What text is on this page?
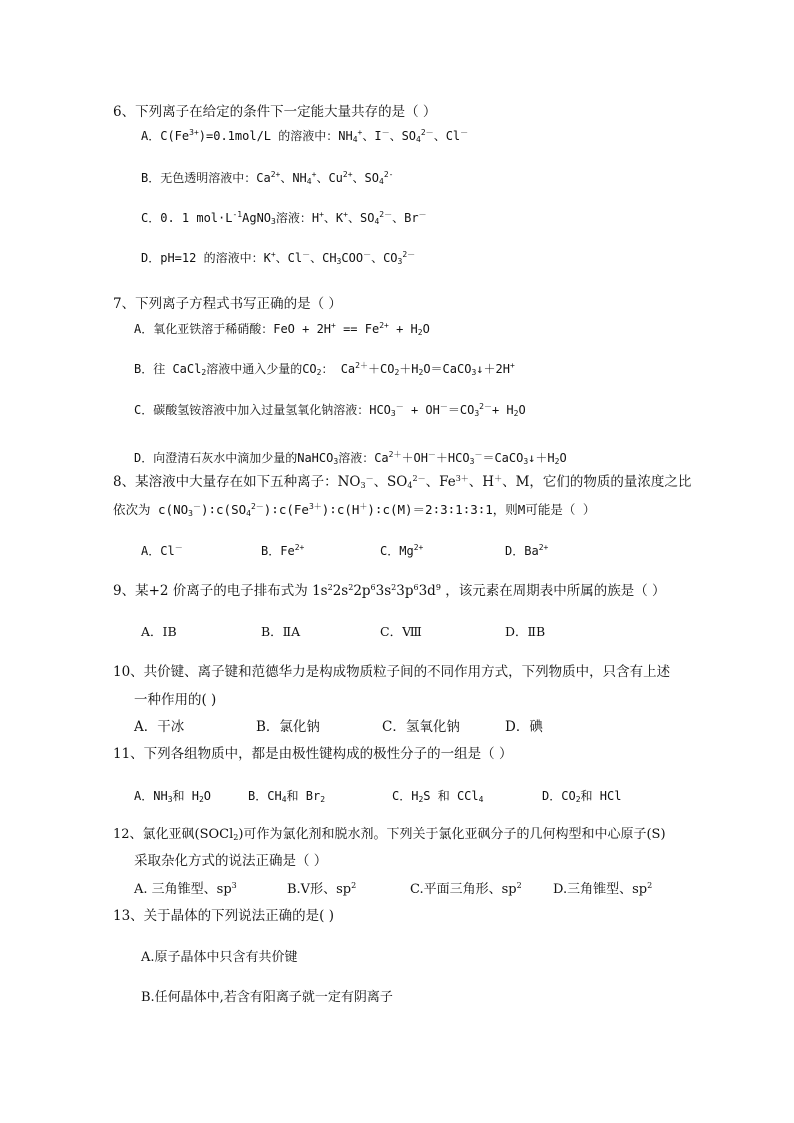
6、下列离子在给定的条件下一定能大量共存的是（ ）
A．$C(Fe^{3+})=0.1mol/L$ 的溶液中：$NH_4^+$、I－、$SO_4^{2-}$、Cl－
B．无色透明溶液中：$Ca^{2+}$、$NH_4^+$、$Cu^{2+}$、$SO_4^{2-}$
C．0. 1 $mol\cdot L^{-1}AgNO_3$溶液：H+、K+、$SO_4^{2-}$、Br－
D．pH=12 的溶液中：K+、Cl－、$CH_3COO^-$、$CO_3^{2-}$
7、下列离子方程式书写正确的是（ ）
A．氧化亚铁溶于稀硝酸：FeO + $2H^+ == Fe^{2+} + H_2O$
B．往 CaCl$_2$溶液中通入少量的$CO_2$： $Ca^{2+}+CO_2+H_2O=CaCO_3↓+2H^+$
C．碳酸氢铵溶液中加入过量氢氧化钠溶液：$HCO_3^- + OH^-=CO_3^{2-}+ H_2O$
D．向澄清石灰水中滴加少量的NaHCO$_3$溶液：$Ca^{2+}+OH^-+HCO_3^-=CaCO_3↓+H_2O$
8、某溶液中大量存在如下五种离子：$NO_3^-$、$SO_4^{2-}$、$Fe^{3+}$、H＋、M，它们的物质的量浓度之比
依次为 $c(NO_3^-)∶c(SO_4^{2-})∶c(Fe^{3+})∶c(H^+)∶c(M)=2∶3∶1∶3∶1$，则M可能是（ ）
A．Cl－	B．$Fe^{2+}$	C．$Mg^{2+}$	D．$Ba^{2+}$
9、某+2 价离子的电子排布式为 $1s^22s^22p^63s^23p^63d^9$ ，该元素在周期表中所属的族是（ ）
A．ⅠB	B．ⅡA	C．Ⅷ	D．ⅡB
10、共价键、离子键和范德华力是构成物质粒子间的不同作用方式，下列物质中，只含有上述
一种作用的( )
A．干冰	B．氯化钠	C．氢氧化钠	D．碘
11、下列各组物质中，都是由极性键构成的极性分子的一组是（ ）
A．$NH_3$和 $H_2O$	B．$CH_4$和 $Br_2$	C．$H_2S$ 和 CCl$_4$	D．$CO_2$和 HCl
12、氯化亚砜(SOCl$_2$)可作为氯化剂和脱水剂。下列关于氯化亚砜分子的几何构型和中心原子(S)
采取杂化方式的说法正确是（ ）
A. 三角锥型、$sp^3$	B.V形、$sp^2$	C.平面三角形、$sp^2$ D.三角锥型、$sp^2$
13、关于晶体的下列说法正确的是( )
A.原子晶体中只含有共价键
B.任何晶体中,若含有阳离子就一定有阴离子
